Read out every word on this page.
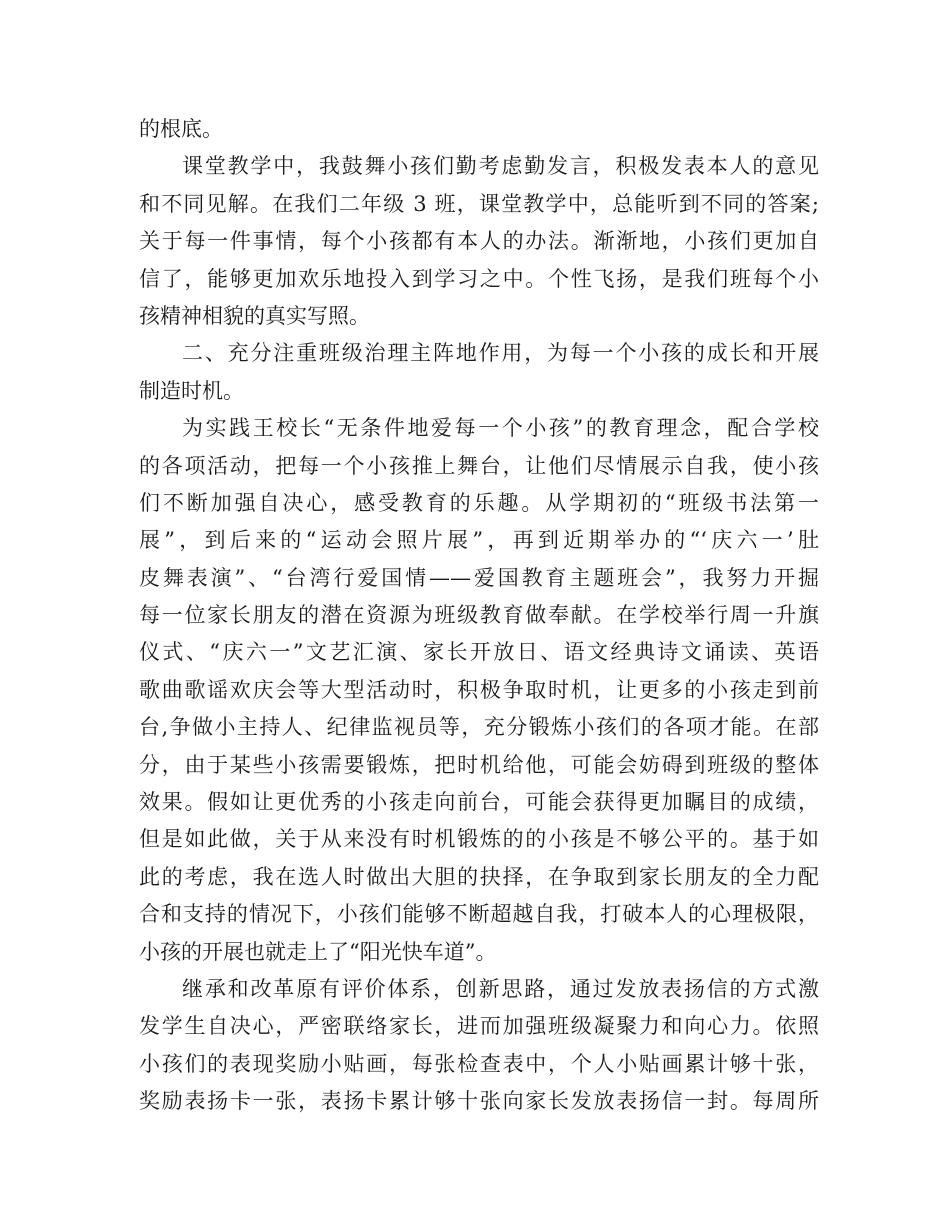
的根底。
课堂教学中，我鼓舞小孩们勤考虑勤发言，积极发表本人的意见
和不同见解。在我们二年级 3 班，课堂教学中，总能听到不同的答案;
关于每一件事情，每个小孩都有本人的办法。渐渐地，小孩们更加自
信了，能够更加欢乐地投入到学习之中。个性飞扬，是我们班每个小
孩精神相貌的真实写照。
二、充分注重班级治理主阵地作用，为每一个小孩的成长和开展
制造时机。
为实践王校长“无条件地爱每一个小孩”的教育理念，配合学校
的各项活动，把每一个小孩推上舞台，让他们尽情展示自我，使小孩
们不断加强自决心，感受教育的乐趣。从学期初的“班级书法第一
展”，到后来的“运动会照片展”，再到近期举办的“‘庆六一’肚
皮舞表演”、“台湾行爱国情——爱国教育主题班会”，我努力开掘
每一位家长朋友的潜在资源为班级教育做奉献。在学校举行周一升旗
仪式、“庆六一”文艺汇演、家长开放日、语文经典诗文诵读、英语
歌曲歌谣欢庆会等大型活动时，积极争取时机，让更多的小孩走到前
台,争做小主持人、纪律监视员等，充分锻炼小孩们的各项才能。在部
分，由于某些小孩需要锻炼，把时机给他，可能会妨碍到班级的整体
效果。假如让更优秀的小孩走向前台，可能会获得更加瞩目的成绩，
但是如此做，关于从来没有时机锻炼的的小孩是不够公平的。基于如
此的考虑，我在选人时做出大胆的抉择，在争取到家长朋友的全力配
合和支持的情况下，小孩们能够不断超越自我，打破本人的心理极限，
小孩的开展也就走上了“阳光快车道”。
继承和改革原有评价体系，创新思路，通过发放表扬信的方式激
发学生自决心，严密联络家长，进而加强班级凝聚力和向心力。依照
小孩们的表现奖励小贴画，每张检查表中，个人小贴画累计够十张，
奖励表扬卡一张，表扬卡累计够十张向家长发放表扬信一封。每周所
